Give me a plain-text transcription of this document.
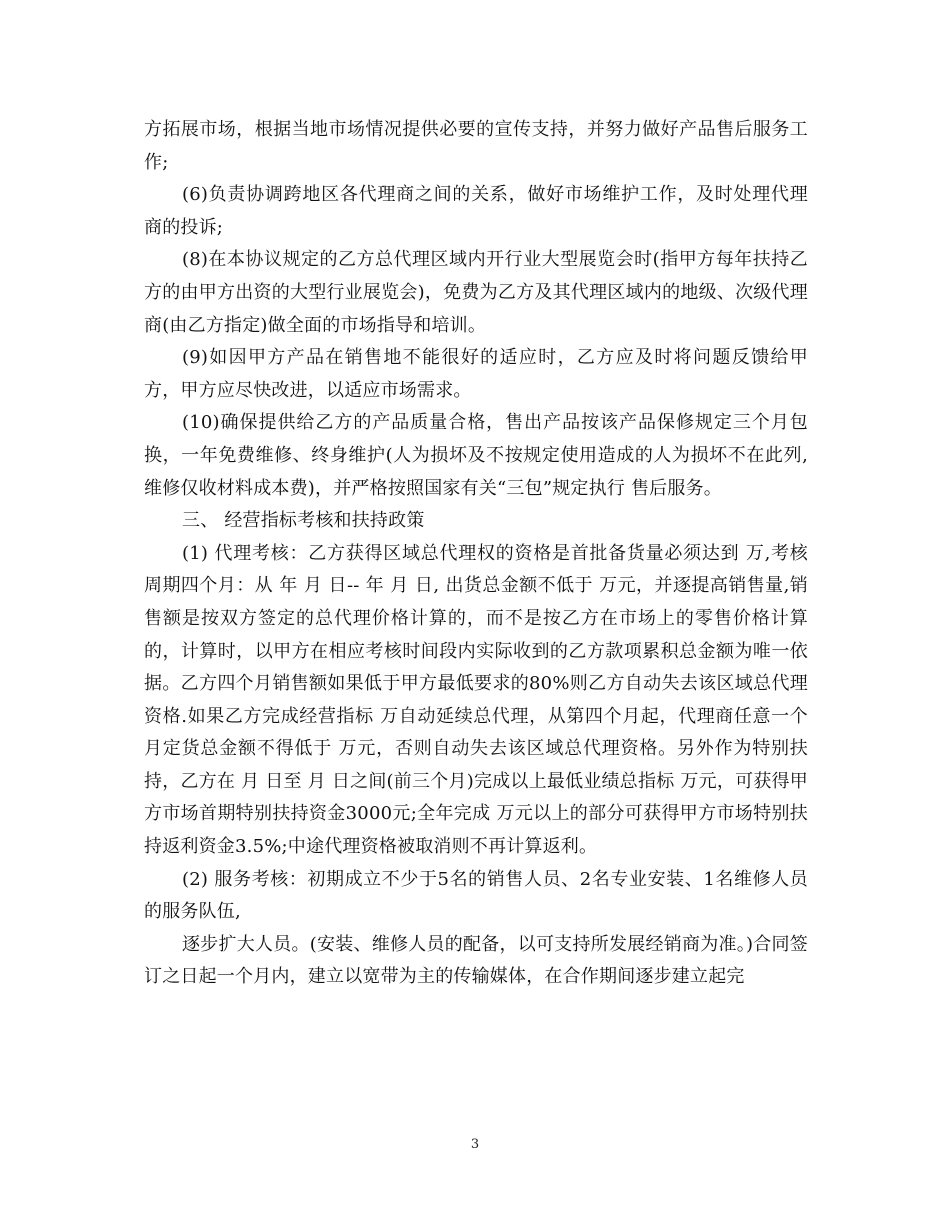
方拓展市场，根据当地市场情况提供必要的宣传支持，并努力做好产品售后服务工作;

(6)负责协调跨地区各代理商之间的关系，做好市场维护工作，及时处理代理商的投诉;

(8)在本协议规定的乙方总代理区域内开行业大型展览会时(指甲方每年扶持乙方的由甲方出资的大型行业展览会)，免费为乙方及其代理区域内的地级、次级代理商(由乙方指定)做全面的市场指导和培训。

(9)如因甲方产品在销售地不能很好的适应时，乙方应及时将问题反馈给甲方，甲方应尽快改进，以适应市场需求。

(10)确保提供给乙方的产品质量合格，售出产品按该产品保修规定三个月包换，一年免费维修、终身维护(人为损坏及不按规定使用造成的人为损坏不在此列,维修仅收材料成本费)，并严格按照国家有关“三包”规定执行 售后服务。

三、 经营指标考核和扶持政策

(1) 代理考核：乙方获得区域总代理权的资格是首批备货量必须达到 万,考核周期四个月：从 年 月 日-- 年 月 日, 出货总金额不低于 万元，并逐提高销售量,销售额是按双方签定的总代理价格计算的，而不是按乙方在市场上的零售价格计算的，计算时，以甲方在相应考核时间段内实际收到的乙方款项累积总金额为唯一依据。乙方四个月销售额如果低于甲方最低要求的80%则乙方自动失去该区域总代理资格.如果乙方完成经营指标 万自动延续总代理，从第四个月起，代理商任意一个月定货总金额不得低于 万元，否则自动失去该区域总代理资格。另外作为特别扶持，乙方在 月 日至 月 日之间(前三个月)完成以上最低业绩总指标 万元，可获得甲方市场首期特别扶持资金3000元;全年完成 万元以上的部分可获得甲方市场特别扶持返利资金3.5%;中途代理资格被取消则不再计算返利。

(2) 服务考核：初期成立不少于5名的销售人员、2名专业安装、1名维修人员的服务队伍,

逐步扩大人员。(安装、维修人员的配备，以可支持所发展经销商为准。)合同签订之日起一个月内，建立以宽带为主的传输媒体，在合作期间逐步建立起完

3
